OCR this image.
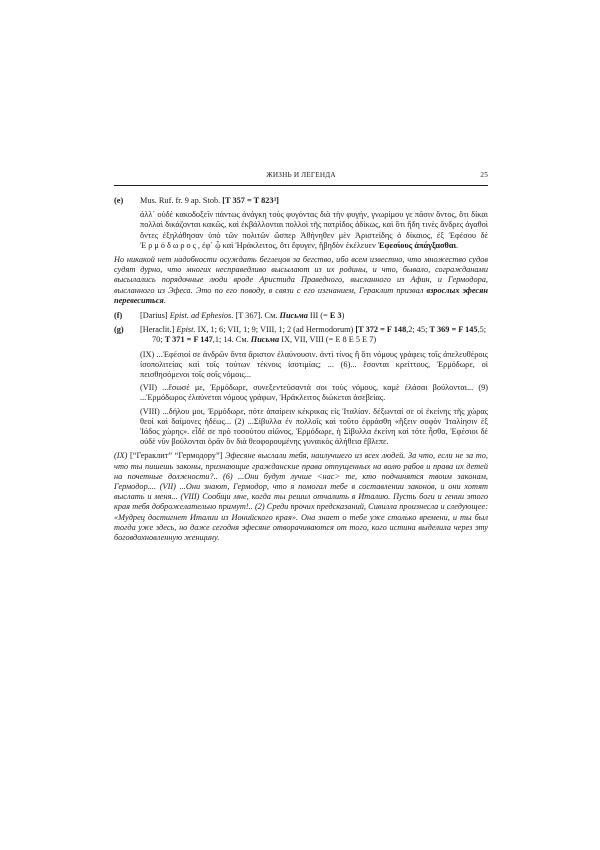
ЖИЗНЬ И ЛЕГЕНДА	25
(e)	Mus. Ruf. fr. 9 ap. Stob. [T 357 = T 823³]
ἀλλ᾽ οὐδὲ κακοδοξεῖν πάντως ἀνάγκη τοὺς φυγόντας διὰ τὴν φυγήν, γνωρίμου γε πᾶσιν ὄντος, ὅτι δίκαι πολλαὶ δικάζονται κακῶς, καὶ ἐκβάλλονται πολλοὶ τῆς πατρίδος ἀδίκως, καὶ ὅτι ἤδη τινὲς ἄνδρες ἀγαθοὶ ὄντες ἐξηλάθησαν ὑπὸ τῶν πολιτῶν ὥσπερ Ἀθήνηθεν μὲν Ἀριστείδης ὁ δίκαιος, ἐξ Ἐφέσου δὲ Ἑρμόδωρος, ἐφ᾽ ᾧ καὶ Ἡράκλειτος, ὅτι ἔφυγεν, ἥβηδὸν ἐκέλευεν Ἐφεσίους ἀπάγξασθαι.
Но никакой нет надобности осуждать беглецов за бегство, ибо всем известно, что множество судов судят дурно, что многих несправедливо высылают из их родины, и что, бывало, согражданами высылались порядочные люди вроде Аристида Праведного, высланного из Афин, и Гермодора, высланного из Эфеса. Это по его поводу, в связи с его изгнанием, Гераклит призвал взрослых эфесян перевеситься.
(f)	[Darius] Epist. ad Ephesios. [T 367]. См. Письма III (= E 3)
(g)	[Heraclit.] Epist. IX, 1; 6; VII, 1; 9; VIII, 1; 2 (ad Hermodorum) [T 372 = F 148,2; 45; T 369 = F 145,5; 70; T 371 = F 147,1; 14. См. Письма IX, VII, VIII (= E 8 E 5 E 7)
(IX) ...Ἐφέσιοί σε ἀνδρῶν ὄντα ἄριστον ἐλαύνουσιν. ἀντὶ τίνος ἢ ὅτι νόμους γράφεις τοῖς ἀπελευθέροις ἰσοπολιτείας καὶ τοῖς τούτων τέκνοις ἰσοτιμίας; ... (6)... ἔσονται κρείττους, Ἑρμόδωρε, οἱ πεισθησόμενοι τοῖς σοῖς νόμοις...
(VII) ...ἔσωσέ με, Ἑρμόδωρε, συνεξεντεύσαντά σοι τοὺς νόμους, καμὲ ἐλάσαι βούλονται... (9) ...Ἑρμόδωρος ἐλαύνεται νόμους γράφων, Ἡράκλειτος διώκεται ἀσεβείας.
(VIII) ...δήλου μοι, Ἑρμόδωρε, πότε ἀπαίρειν κέκρικας εἰς Ἰταλίαν. δέξωνταί σε οἱ ἐκείνης τῆς χώρας θεοὶ καὶ δαίμονες ἡδέως... (2) ...Σίβυλλα ἐν πολλοῖς καὶ τοῦτο ἐφράσθη «ἥξειν σοφὸν Ἰταλίησιν ἐξ Ἰάδος χώρης». εἶδέ σε πρὸ τοσούτου αἰῶνος, Ἑρμόδωρε, ἡ Σίβυλλα ἐκείνη καὶ τότε ἦσθα, Ἐφέσιοι δὲ οὐδὲ νῦν βούλονται ὁρᾶν ὃν διὰ θεοφορουμένης γυναικὸς ἀλήθεια ἔβλεπε.
(IX) [“Гераклит” “Гермодору”] Эфесяне выслали тебя, наилучшего из всех людей. За что, если не за то, что ты пишешь законы, признающие гражданские права отпущенных на волю рабов и права их детей на почетные должности?.. (6) ...Они будут лучше <нас> те, кто подчинятся твоим законам, Гермодор.... (VII) ...Они знают, Гермодор, что я помогал тебе в составлении законов, и они хотят выслать и меня... (VIII) Сообщи мне, когда ты решил отчалить в Италию. Пусть боги и гении этого края тебя доброжелательно примут!.. (2) Среди прочих предсказаний, Сивилла произнесла и следующее: «Мудрец достигнет Италии из Ионийского края». Она знает о тебе уже столько времени, и ты был тогда уже здесь, но даже сегодня эфесяне отворачиваются от того, кого истина выделила через эту боговдохновленную женщину.
